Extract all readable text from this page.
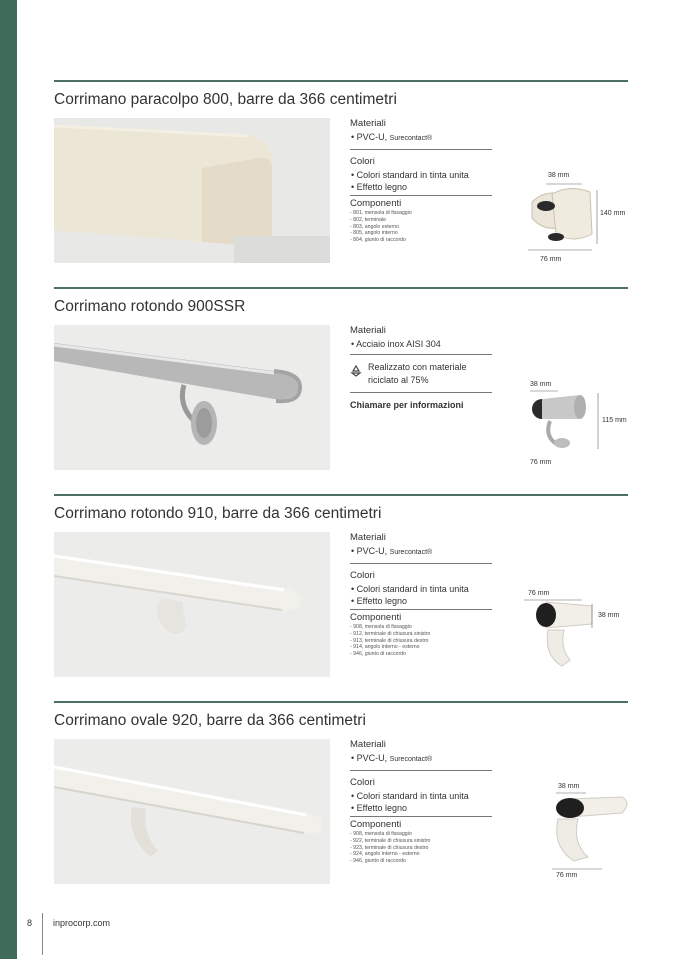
Corrimano paracolpo 800, barre da 366 centimetri
Materiali
• PVC-U, Surecontact®
Colori
• Colori standard in tinta unita
• Effetto legno
Componenti
- 801, mensola di fissaggio
- 802, terminale
- 803, angolo esterno
- 805, angolo interno
- 804, giunto di raccordo
38 mm
140 mm
76 mm
Corrimano rotondo 900SSR
Materiali
• Acciaio inox AISI 304
Realizzato con materiale riciclato al 75%
Chiamare per informazioni
38 mm
115 mm
76 mm
Corrimano rotondo 910, barre da 366 centimetri
Materiali
• PVC-U, Surecontact®
Colori
• Colori standard in tinta unita
• Effetto legno
Componenti
- 908, mensola di fissaggio
- 912, terminale di chiusura sinistro
- 913, terminale di chiusura destro
- 914, angolo interno - esterno
- 946, giunto di raccordo
76 mm
38 mm
Corrimano ovale 920, barre da 366 centimetri
Materiali
• PVC-U, Surecontact®
Colori
• Colori standard in tinta unita
• Effetto legno
Componenti
- 908, mensola di fissaggio
- 922, terminale di chiusura sinistro
- 923, terminale di chiusura destro
- 924, angolo interno - esterno
- 946, giunto di raccordo
38 mm
76 mm
8 inprocorp.com
